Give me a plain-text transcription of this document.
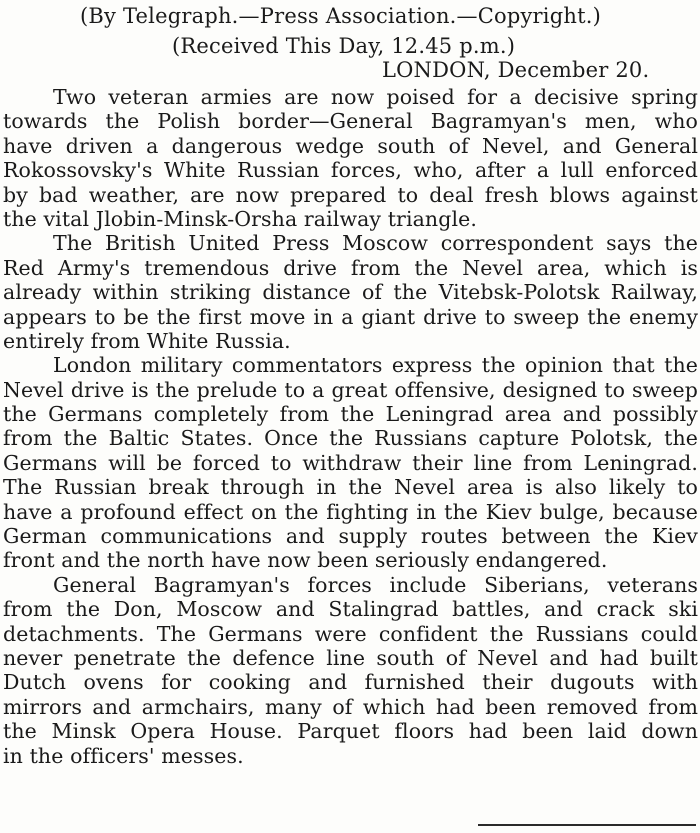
(By Telegraph.—Press Association.—Copyright.)
(Received This Day, 12.45 p.m.)
LONDON, December 20.

Two veteran armies are now poised for a decisive spring
towards the Polish border—General Bagramyan's men, who
have driven a dangerous wedge south of Nevel, and General
Rokossovsky's White Russian forces, who, after a lull enforced
by bad weather, are now prepared to deal fresh blows against
the vital Jlobin-Minsk-Orsha railway triangle.

The British United Press Moscow correspondent says the
Red Army's tremendous drive from the Nevel area, which is
already within striking distance of the Vitebsk-Polotsk Railway,
appears to be the first move in a giant drive to sweep the enemy
entirely from White Russia.

London military commentators express the opinion that the
Nevel drive is the prelude to a great offensive, designed to sweep
the Germans completely from the Leningrad area and possibly
from the Baltic States. Once the Russians capture Polotsk, the
Germans will be forced to withdraw their line from Leningrad.
The Russian break through in the Nevel area is also likely to
have a profound effect on the fighting in the Kiev bulge, because
German communications and supply routes between the Kiev
front and the north have now been seriously endangered.

General Bagramyan's forces include Siberians, veterans
from the Don, Moscow and Stalingrad battles, and crack ski
detachments. The Germans were confident the Russians could
never penetrate the defence line south of Nevel and had built
Dutch ovens for cooking and furnished their dugouts with
mirrors and armchairs, many of which had been removed from
the Minsk Opera House. Parquet floors had been laid down
in the officers' messes.
